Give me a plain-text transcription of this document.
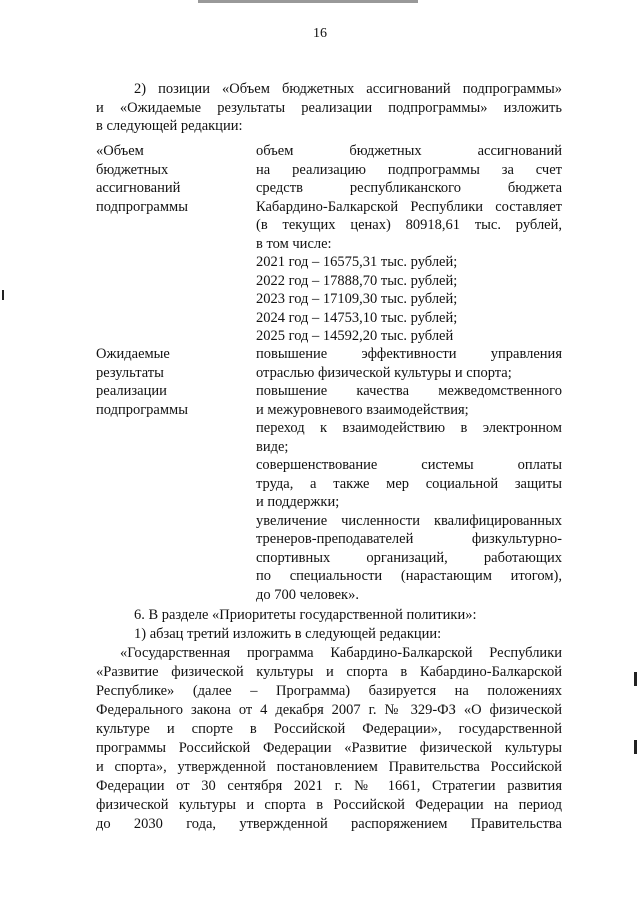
16
2) позиции «Объем бюджетных ассигнований подпрограммы»
и «Ожидаемые результаты реализации подпрограммы» изложить
в следующей редакции:
«Объем
бюджетных
ассигнований
подпрограммы
объем бюджетных ассигнований
на реализацию подпрограммы за счет
средств республиканского бюджета
Кабардино-Балкарской Республики составляет
(в текущих ценах) 80918,61 тыс. рублей,
в том числе:
2021 год – 16575,31 тыс. рублей;
2022 год – 17888,70 тыс. рублей;
2023 год – 17109,30 тыс. рублей;
2024 год – 14753,10 тыс. рублей;
2025 год – 14592,20 тыс. рублей
Ожидаемые
результаты
реализации
подпрограммы
повышение эффективности управления
отраслью физической культуры и спорта;
повышение качества межведомственного
и межуровневого взаимодействия;
переход к взаимодействию в электронном
виде;
совершенствование системы оплаты
труда, а также мер социальной защиты
и поддержки;
увеличение численности квалифицированных
тренеров-преподавателей физкультурно-
спортивных организаций, работающих
по специальности (нарастающим итогом),
до 700 человек».
6. В разделе «Приоритеты государственной политики»:
1) абзац третий изложить в следующей редакции:
«Государственная программа Кабардино-Балкарской Республики
«Развитие физической культуры и спорта в Кабардино-Балкарской
Республике» (далее – Программа) базируется на положениях
Федерального закона от 4 декабря 2007 г. № 329-ФЗ «О физической
культуре и спорте в Российской Федерации», государственной
программы Российской Федерации «Развитие физической культуры
и спорта», утвержденной постановлением Правительства Российской
Федерации от 30 сентября 2021 г. № 1661, Стратегии развития
физической культуры и спорта в Российской Федерации на период
до 2030 года, утвержденной распоряжением Правительства
